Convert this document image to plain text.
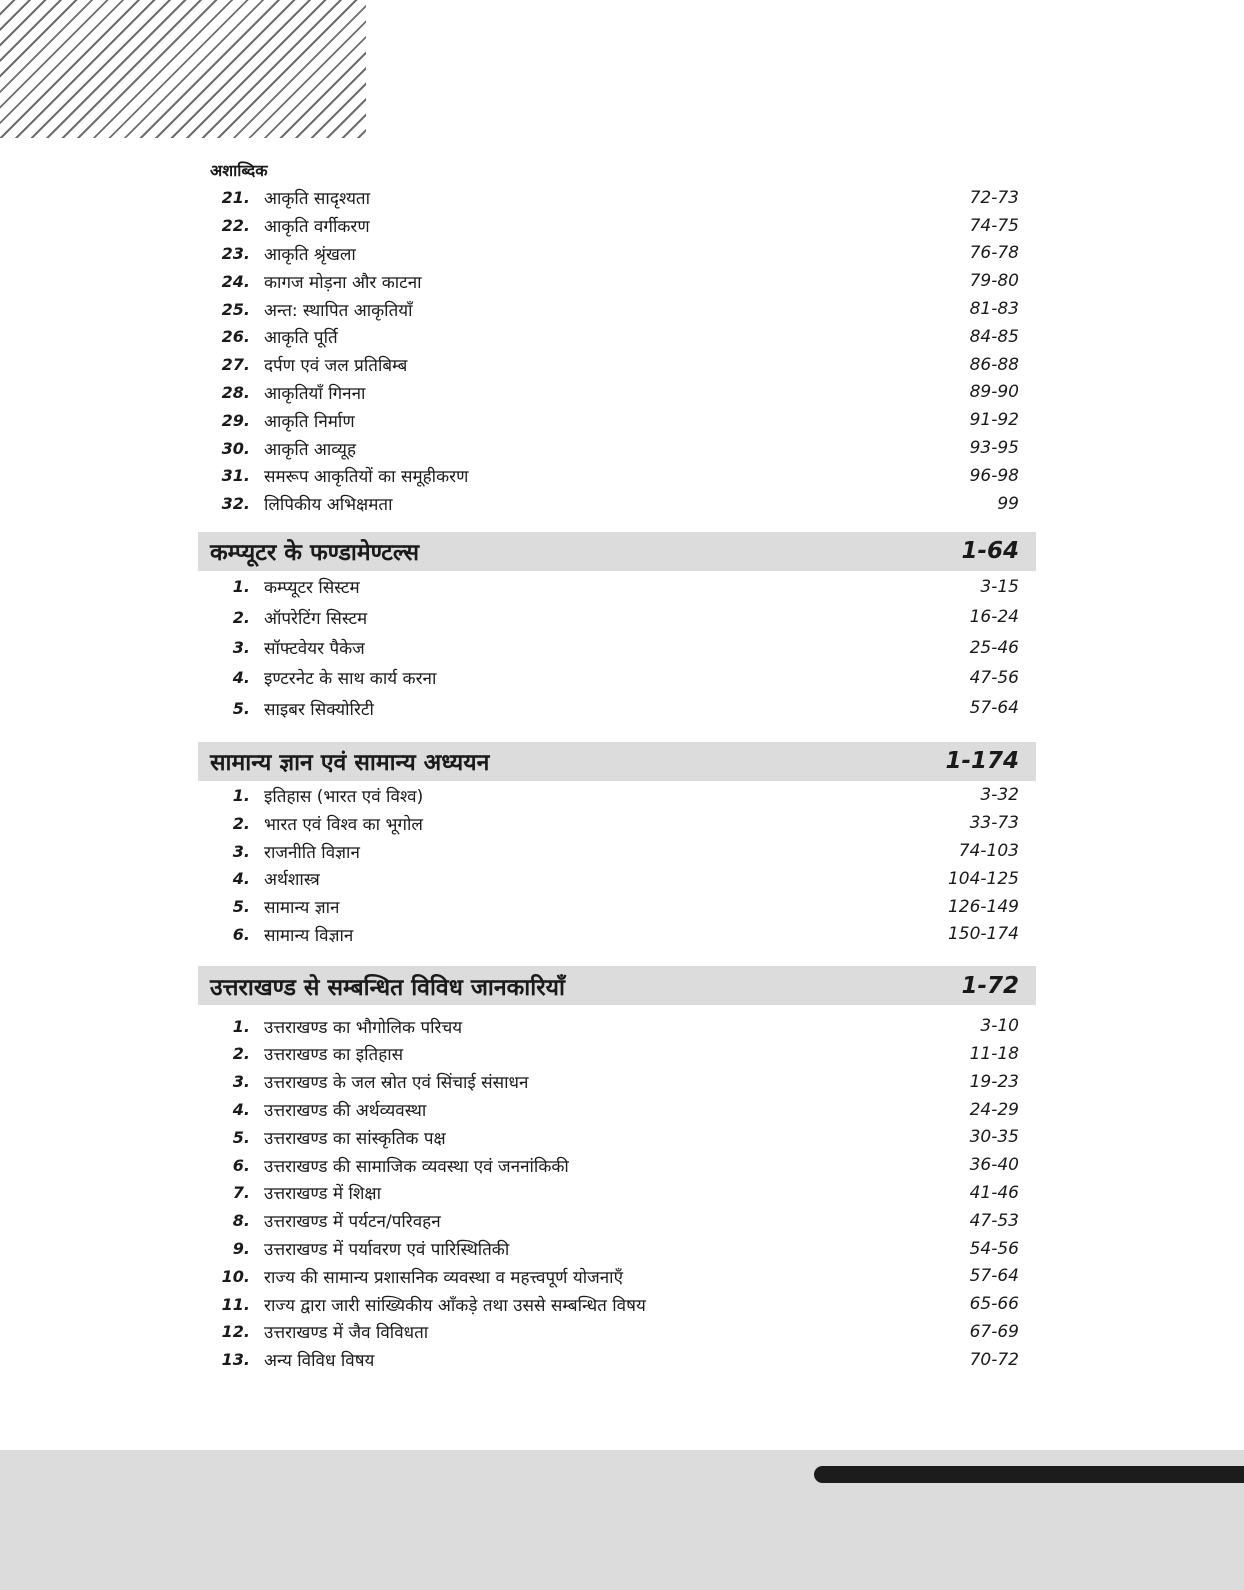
अशाब्दिक
21. आकृति सादृश्यता	72-73
22. आकृति वर्गीकरण	74-75
23. आकृति श्रृंखला	76-78
24. कागज मोड़ना और काटना	79-80
25. अन्त: स्थापित आकृतियाँ	81-83
26. आकृति पूर्ति	84-85
27. दर्पण एवं जल प्रतिबिम्ब	86-88
28. आकृतियाँ गिनना	89-90
29. आकृति निर्माण	91-92
30. आकृति आव्यूह	93-95
31. समरूप आकृतियों का समूहीकरण	96-98
32. लिपिकीय अभिक्षमता	99
कम्प्यूटर के फण्डामेण्टल्स	1-64
1. कम्प्यूटर सिस्टम	3-15
2. ऑपरेटिंग सिस्टम	16-24
3. सॉफ्टवेयर पैकेज	25-46
4. इण्टरनेट के साथ कार्य करना	47-56
5. साइबर सिक्योरिटी	57-64
सामान्य ज्ञान एवं सामान्य अध्ययन	1-174
1. इतिहास (भारत एवं विश्व)	3-32
2. भारत एवं विश्व का भूगोल	33-73
3. राजनीति विज्ञान	74-103
4. अर्थशास्त्र	104-125
5. सामान्य ज्ञान	126-149
6. सामान्य विज्ञान	150-174
उत्तराखण्ड से सम्बन्धित विविध जानकारियाँ	1-72
1. उत्तराखण्ड का भौगोलिक परिचय	3-10
2. उत्तराखण्ड का इतिहास	11-18
3. उत्तराखण्ड के जल स्रोत एवं सिंचाई संसाधन	19-23
4. उत्तराखण्ड की अर्थव्यवस्था	24-29
5. उत्तराखण्ड का सांस्कृतिक पक्ष	30-35
6. उत्तराखण्ड की सामाजिक व्यवस्था एवं जननांकिकी	36-40
7. उत्तराखण्ड में शिक्षा	41-46
8. उत्तराखण्ड में पर्यटन/परिवहन	47-53
9. उत्तराखण्ड में पर्यावरण एवं पारिस्थितिकी	54-56
10. राज्य की सामान्य प्रशासनिक व्यवस्था व महत्त्वपूर्ण योजनाएँ	57-64
11. राज्य द्वारा जारी सांख्यिकीय आँकड़े तथा उससे सम्बन्धित विषय	65-66
12. उत्तराखण्ड में जैव विविधता	67-69
13. अन्य विविध विषय	70-72
